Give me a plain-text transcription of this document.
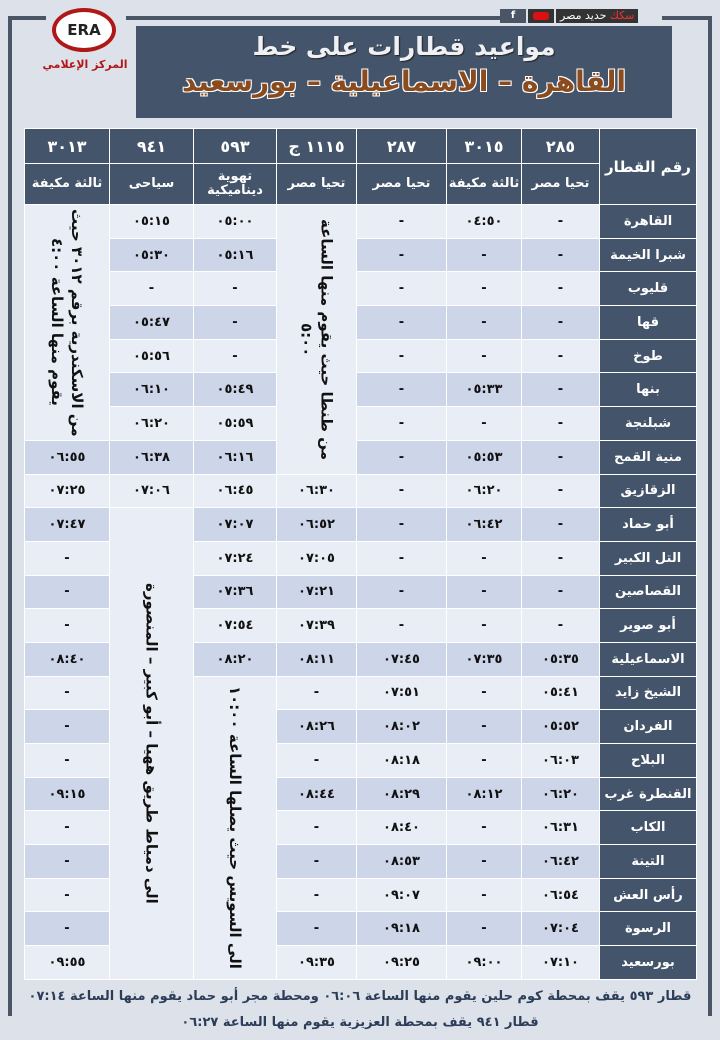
f	سكك حديد مصر
ERA
المركز الإعلامي
مواعيد قطارات على خط
القاهرة – الاسماعيلية – بورسعيد
رقم القطار	٢٨٥	٣٠١٥	٢٨٧	١١١٥ ج	٥٩٣	٩٤١	٣٠١٣
	تحيا مصر	ثالثة مكيفة	تحيا مصر	تحيا مصر	تهوية ديناميكية	سياحى	ثالثة مكيفة
القاهرة	-	٠٤:٥٠	-	من طنطا حيث يقوم منها الساعة ٥:٠٠	٠٥:٠٠	٠٥:١٥	من الاسكندرية برقم ٣٠١٢ حيث يقوم منها الساعة ٤:٠٠

شبرا الخيمة	-	-	-		٠٥:١٦	٠٥:٣٠	
قليوب	-	-	-		-	-	
قها	-	-	-		-	٠٥:٤٧	
طوخ	-	-	-		-	٠٥:٥٦	
بنها	-	٠٥:٣٣	-		٠٥:٤٩	٠٦:١٠	
شبلنجة	-	-	-		٠٥:٥٩	٠٦:٢٠	
منية القمح	-	٠٥:٥٣	-		٠٦:١٦	٠٦:٣٨	٠٦:٥٥
الزقازيق	-	٠٦:٢٠	-	٠٦:٣٠	٠٦:٤٥	٠٧:٠٦	٠٧:٢٥
أبو حماد	-	٠٦:٤٢	-	٠٦:٥٢	٠٧:٠٧	الى دمياط طريق ههيا – أبو كبير – المنصورة	٠٧:٤٧
التل الكبير	-	-	-	٠٧:٠٥	٠٧:٢٤		-
القصاصين	-	-	-	٠٧:٢١	٠٧:٣٦		-
أبو صوير	-	-	-	٠٧:٣٩	٠٧:٥٤		-
الاسماعيلية	٠٥:٣٥	٠٧:٣٥	٠٧:٤٥	٠٨:١١	٠٨:٢٠		٠٨:٤٠
الشيخ زايد	٠٥:٤١	-	٠٧:٥١	-	الى السويس حيث يصلها الساعة ١٠:٠٠		-
الفردان	٠٥:٥٢	-	٠٨:٠٢	٠٨:٢٦			-
البلاح	٠٦:٠٣	-	٠٨:١٨	-			-
القنطرة غرب	٠٦:٢٠	٠٨:١٢	٠٨:٢٩	٠٨:٤٤			٠٩:١٥
الكاب	٠٦:٣١	-	٠٨:٤٠	-			-
التينة	٠٦:٤٢	-	٠٨:٥٣	-			-
رأس العش	٠٦:٥٤	-	٠٩:٠٧	-			-
الرسوة	٠٧:٠٤	-	٠٩:١٨	-			-
بورسعيد	٠٧:١٠	٠٩:٠٠	٠٩:٢٥	٠٩:٣٥			٠٩:٥٥
قطار ٥٩٣ يقف بمحطة كوم حلين يقوم منها الساعة ٠٦:٠٦ ومحطة مجر أبو حماد يقوم منها الساعة ٠٧:١٤
قطار ٩٤١ يقف بمحطة العزيزية يقوم منها الساعة ٠٦:٢٧
